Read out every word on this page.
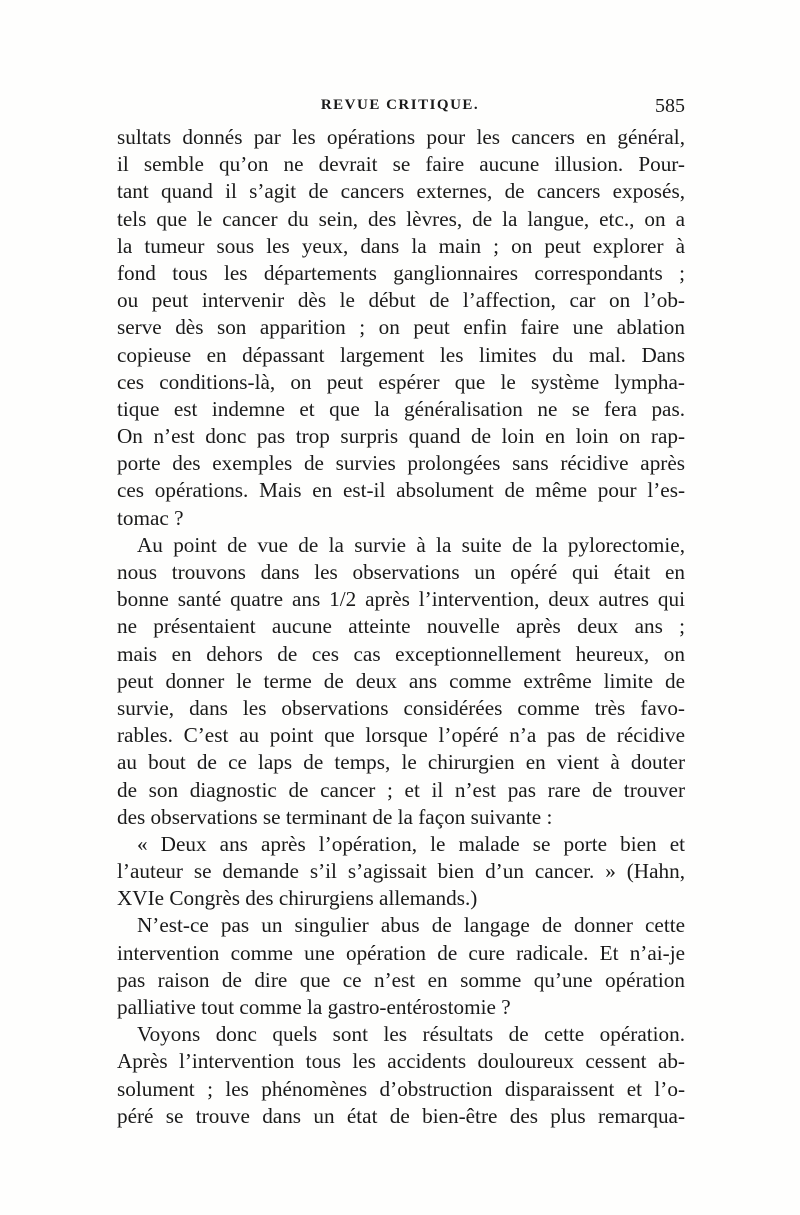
REVUE CRITIQUE.	585
sultats donnés par les opérations pour les cancers en général,
il semble qu’on ne devrait se faire aucune illusion. Pour-
tant quand il s’agit de cancers externes, de cancers exposés,
tels que le cancer du sein, des lèvres, de la langue, etc., on a
la tumeur sous les yeux, dans la main ; on peut explorer à
fond tous les départements ganglionnaires correspondants ;
ou peut intervenir dès le début de l’affection, car on l’ob-
serve dès son apparition ; on peut enfin faire une ablation
copieuse en dépassant largement les limites du mal. Dans
ces conditions-là, on peut espérer que le système lympha-
tique est indemne et que la généralisation ne se fera pas.
On n’est donc pas trop surpris quand de loin en loin on rap-
porte des exemples de survies prolongées sans récidive après
ces opérations. Mais en est-il absolument de même pour l’es-
tomac ?
Au point de vue de la survie à la suite de la pylorectomie,
nous trouvons dans les observations un opéré qui était en
bonne santé quatre ans 1/2 après l’intervention, deux autres qui
ne présentaient aucune atteinte nouvelle après deux ans ;
mais en dehors de ces cas exceptionnellement heureux, on
peut donner le terme de deux ans comme extrême limite de
survie, dans les observations considérées comme très favo-
rables. C’est au point que lorsque l’opéré n’a pas de récidive
au bout de ce laps de temps, le chirurgien en vient à douter
de son diagnostic de cancer ; et il n’est pas rare de trouver
des observations se terminant de la façon suivante :
« Deux ans après l’opération, le malade se porte bien et
l’auteur se demande s’il s’agissait bien d’un cancer. » (Hahn,
XVIe Congrès des chirurgiens allemands.)
N’est-ce pas un singulier abus de langage de donner cette
intervention comme une opération de cure radicale. Et n’ai-je
pas raison de dire que ce n’est en somme qu’une opération
palliative tout comme la gastro-entérostomie ?
Voyons donc quels sont les résultats de cette opération.
Après l’intervention tous les accidents douloureux cessent ab-
solument ; les phénomènes d’obstruction disparaissent et l’o-
péré se trouve dans un état de bien-être des plus remarqua-
